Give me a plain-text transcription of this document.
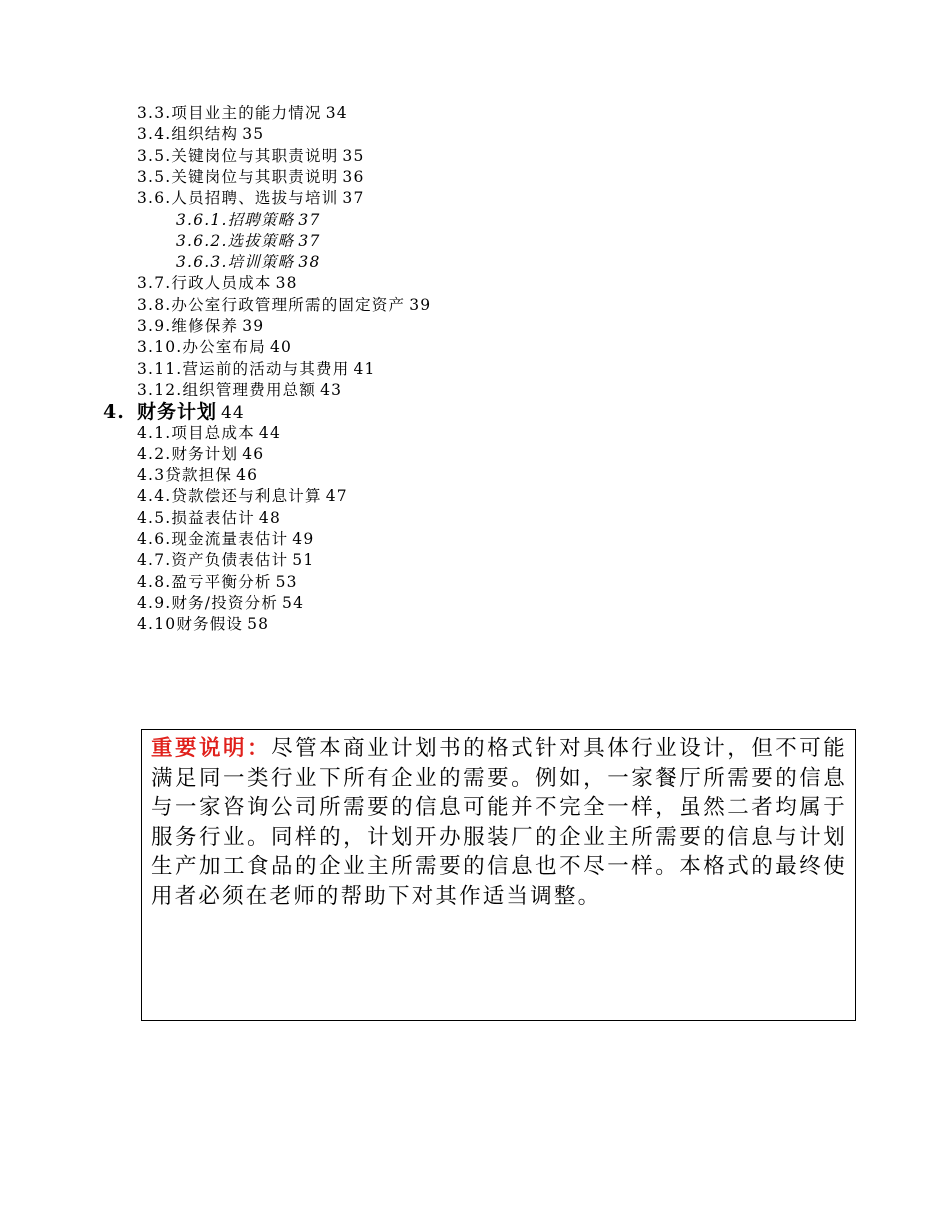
3.3.项目业主的能力情况 34
3.4.组织结构 35
3.5.关键岗位与其职责说明 35
3.5.关键岗位与其职责说明 36
3.6.人员招聘、选拔与培训 37
3.6.1.招聘策略 37
3.6.2.选拔策略 37
3.6.3.培训策略 38
3.7.行政人员成本 38
3.8.办公室行政管理所需的固定资产 39
3.9.维修保养 39
3.10.办公室布局 40
3.11.营运前的活动与其费用 41
3.12.组织管理费用总额 43
4. 财务计划 44
4.1.项目总成本 44
4.2.财务计划 46
4.3贷款担保 46
4.4.贷款偿还与利息计算 47
4.5.损益表估计 48
4.6.现金流量表估计 49
4.7.资产负债表估计 51
4.8.盈亏平衡分析 53
4.9.财务/投资分析 54
4.10财务假设 58

重要说明：尽管本商业计划书的格式针对具体行业设计，但不可能满足同一类行业下所有企业的需要。例如，一家餐厅所需要的信息与一家咨询公司所需要的信息可能并不完全一样，虽然二者均属于服务行业。同样的，计划开办服装厂的企业主所需要的信息与计划生产加工食品的企业主所需要的信息也不尽一样。本格式的最终使用者必须在老师的帮助下对其作适当调整。
